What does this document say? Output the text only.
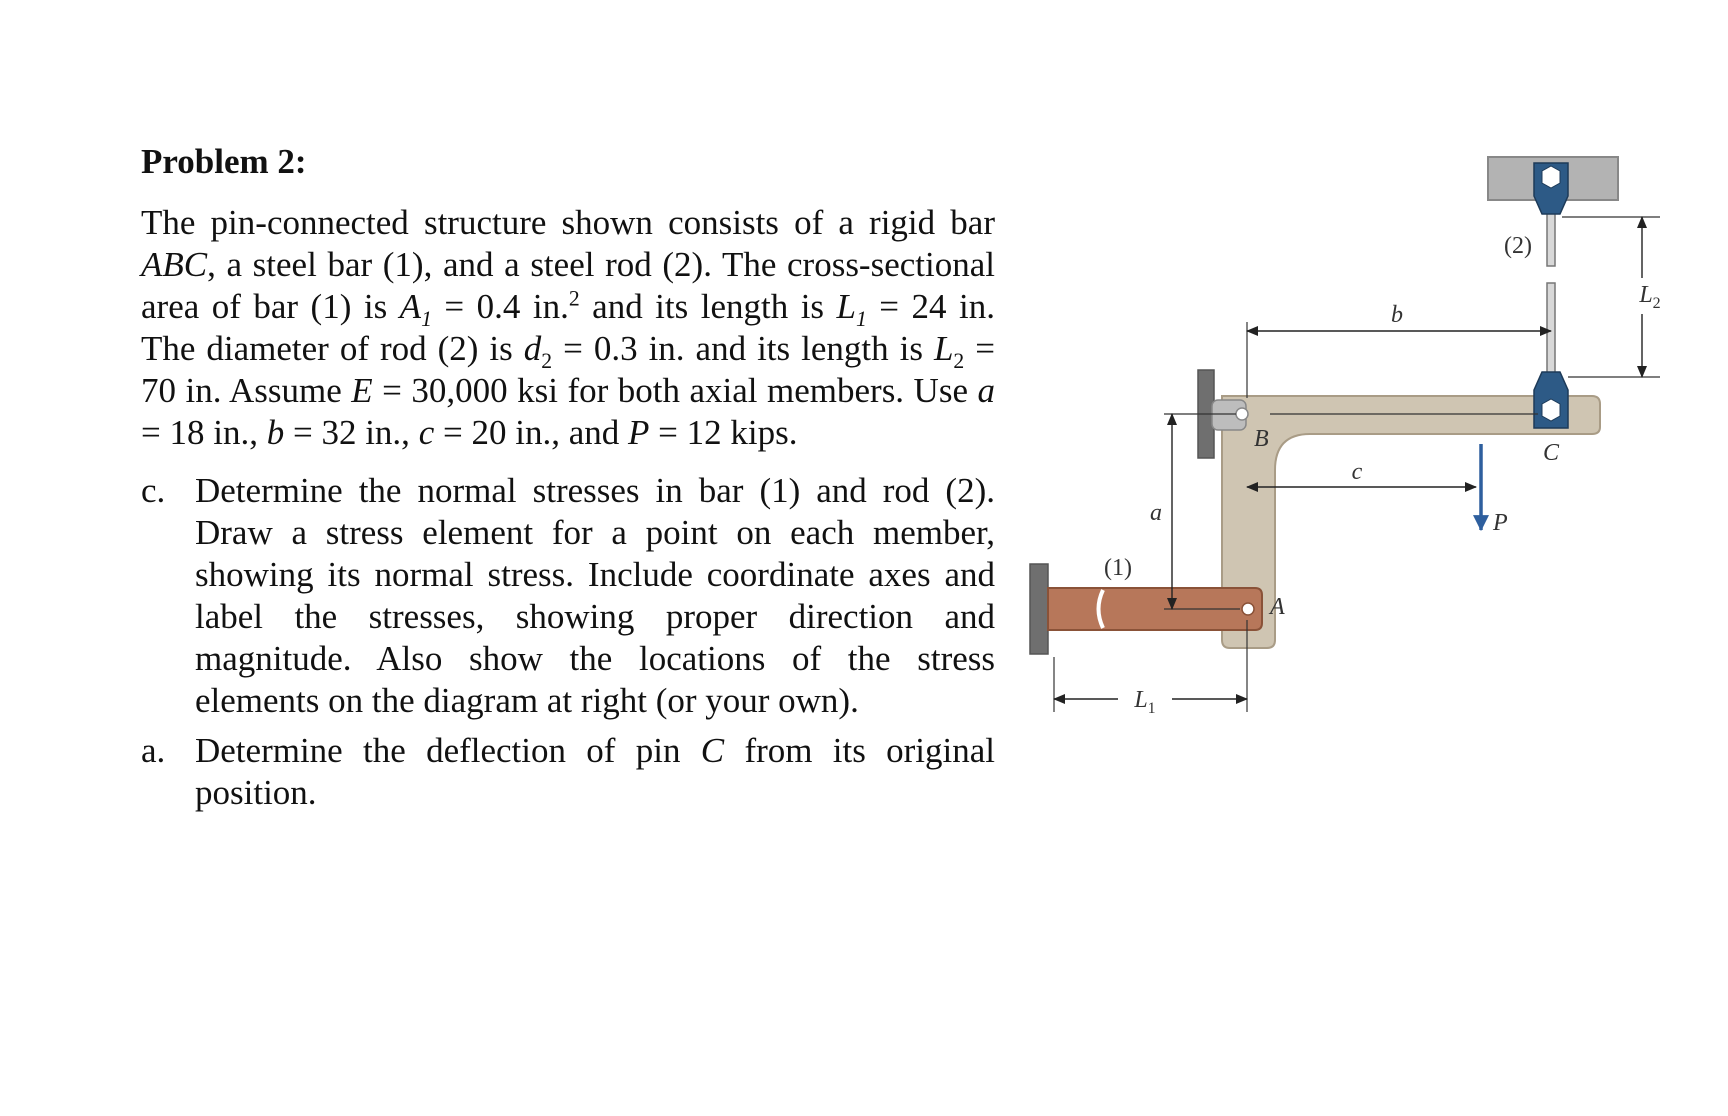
Problem 2:

The pin-connected structure shown consists of a rigid bar ABC, a steel bar (1), and a steel rod (2). The cross-sectional area of bar (1) is $A_1 = 0.4$ in.$^2$ and its length is $L_1 = 24$ in. The diameter of rod (2) is $d_2 = 0.3$ in. and its length is $L_2 = 70$ in. Assume E = 30,000 ksi for both axial members. Use a = 18 in., b = 32 in., c = 20 in., and P = 12 kips.

c. Determine the normal stresses in bar (1) and rod (2). Draw a stress element for a point on each member, showing its normal stress. Include coordinate axes and label the stresses, showing proper direction and magnitude. Also show the locations of the stress elements on the diagram at right (or your own).
a. Determine the deflection of pin C from its original position.
b
c
a
$L_1$
$L_2$
P
B
C
A
(1)
(2)
